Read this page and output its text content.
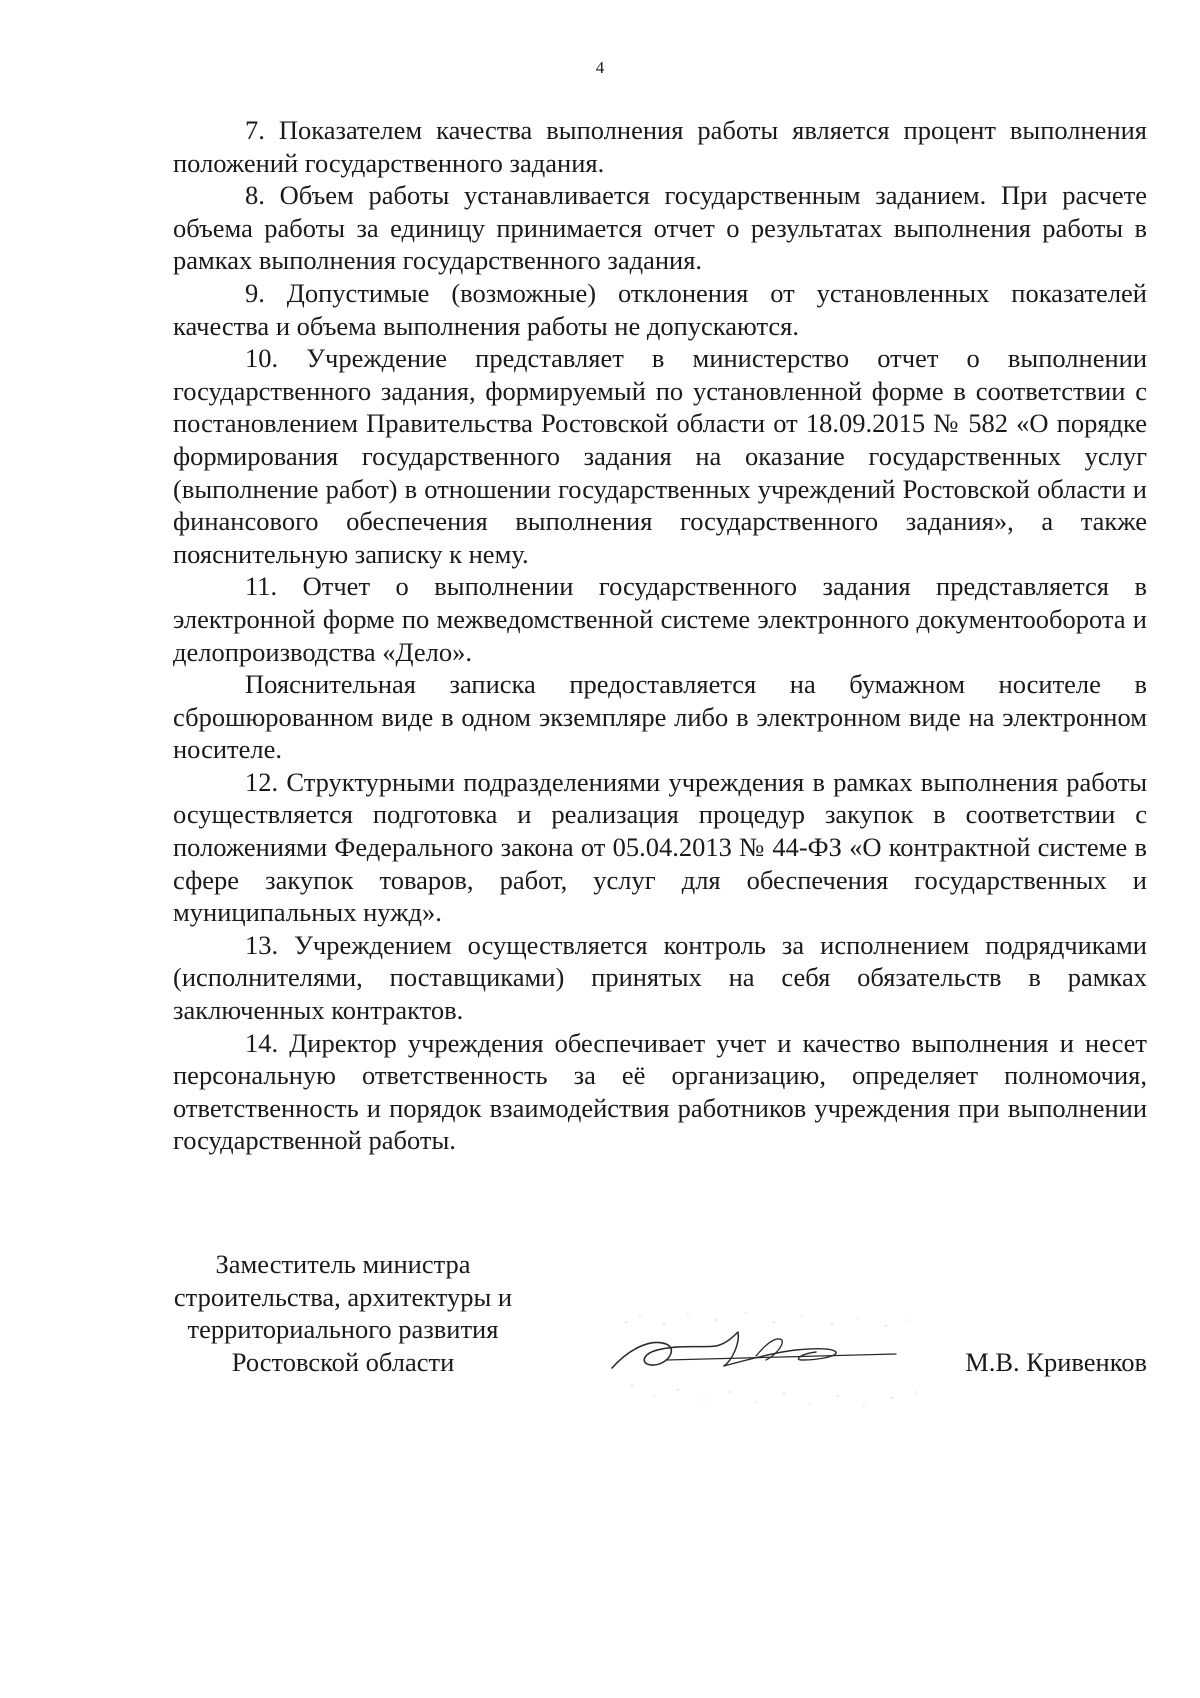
4

7. Показателем качества выполнения работы является процент выполнения положений государственного задания.

8. Объем работы устанавливается государственным заданием. При расчете объема работы за единицу принимается отчет о результатах выполнения работы в рамках выполнения государственного задания.

9. Допустимые (возможные) отклонения от установленных показателей качества и объема выполнения работы не допускаются.

10. Учреждение представляет в министерство отчет о выполнении государственного задания, формируемый по установленной форме в соответствии с постановлением Правительства Ростовской области от 18.09.2015 № 582 «О порядке формирования государственного задания на оказание государственных услуг (выполнение работ) в отношении государственных учреждений Ростовской области и финансового обеспечения выполнения государственного задания», а также пояснительную записку к нему.

11. Отчет о выполнении государственного задания представляется в электронной форме по межведомственной системе электронного документооборота и делопроизводства «Дело».

Пояснительная записка предоставляется на бумажном носителе в сброшюрованном виде в одном экземпляре либо в электронном виде на электронном носителе.

12. Структурными подразделениями учреждения в рамках выполнения работы осуществляется подготовка и реализация процедур закупок в соответствии с положениями Федерального закона от 05.04.2013 № 44-ФЗ «О контрактной системе в сфере закупок товаров, работ, услуг для обеспечения государственных и муниципальных нужд».

13. Учреждением осуществляется контроль за исполнением подрядчиками (исполнителями, поставщиками) принятых на себя обязательств в рамках заключенных контрактов.

14. Директор учреждения обеспечивает учет и качество выполнения и несет персональную ответственность за её организацию, определяет полномочия, ответственность и порядок взаимодействия работников учреждения при выполнении государственной работы.

Заместитель министра
строительства, архитектуры и
территориального развития
Ростовской области	М.В. Кривенков
